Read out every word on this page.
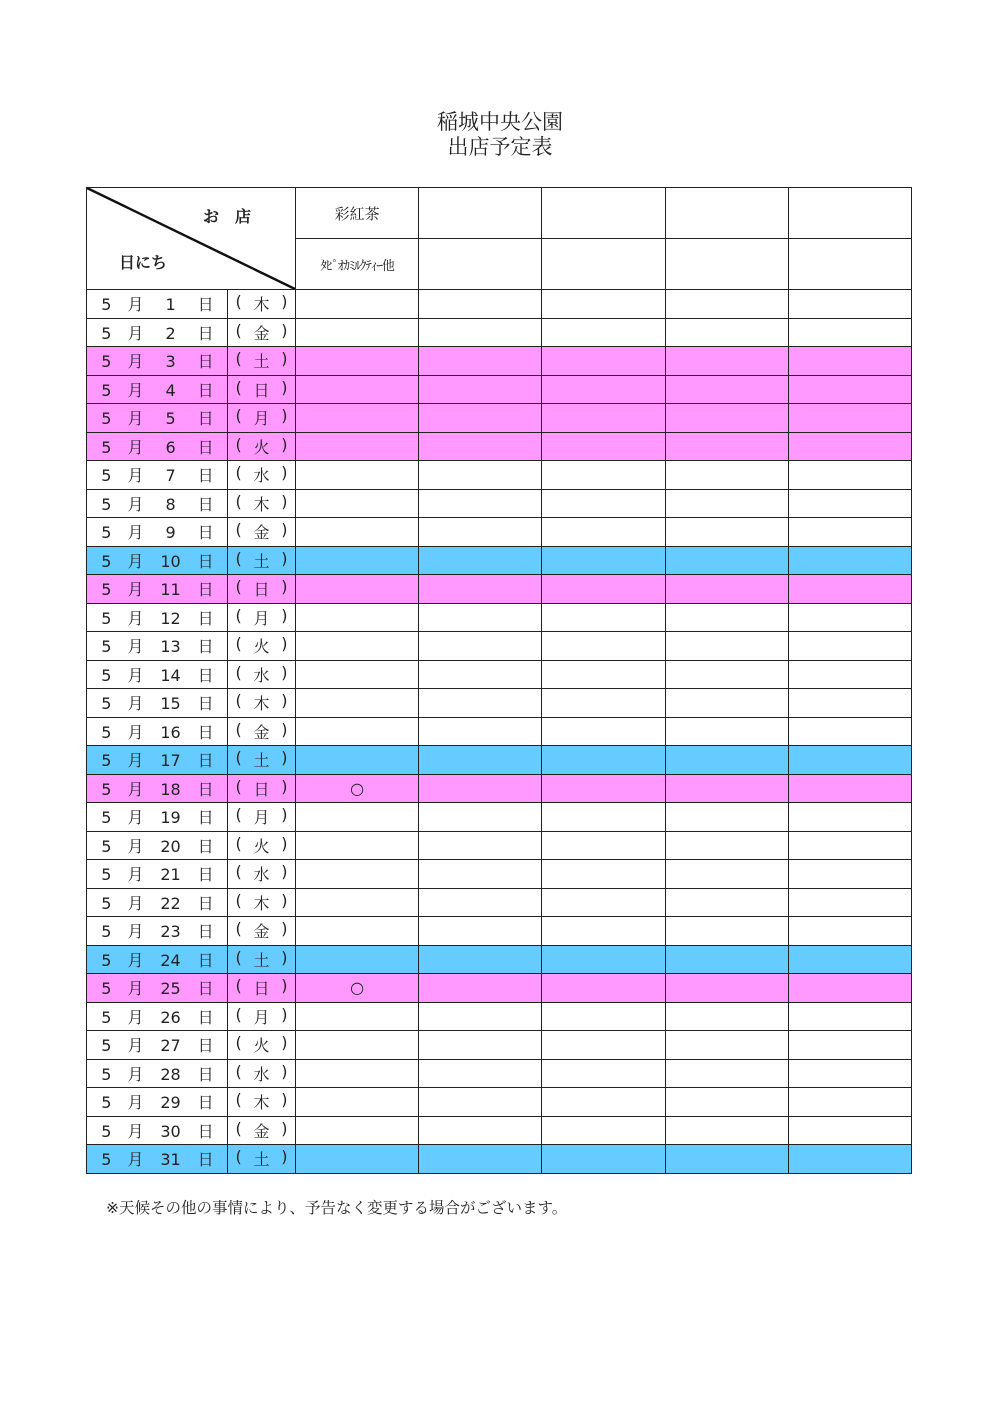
稲城中央公園
出店予定表
お　店
日にち		彩紅茶				
		ﾀﾋﾟｵｶﾐﾙｸﾃｨｰ他				
5 月 1 日	( 木 )					

5 月 2 日	( 金 )					

5 月 3 日	( 土 )					

5 月 4 日	( 日 )					

5 月 5 日	( 月 )					

5 月 6 日	( 火 )					

5 月 7 日	( 水 )					

5 月 8 日	( 木 )					

5 月 9 日	( 金 )					

5 月 10 日	( 土 )					

5 月 11 日	( 日 )					

5 月 12 日	( 月 )					

5 月 13 日	( 火 )					

5 月 14 日	( 水 )					

5 月 15 日	( 木 )					

5 月 16 日	( 金 )					

5 月 17 日	( 土 )					

5 月 18 日	( 日 )	○				
5 月 19 日	( 月 )					

5 月 20 日	( 火 )					

5 月 21 日	( 水 )					

5 月 22 日	( 木 )					

5 月 23 日	( 金 )					

5 月 24 日	( 土 )					

5 月 25 日	( 日 )	○				
5 月 26 日	( 月 )					

5 月 27 日	( 火 )					

5 月 28 日	( 水 )					

5 月 29 日	( 木 )					

5 月 30 日	( 金 )					

5 月 31 日	( 土 )					

※天候その他の事情により、予告なく変更する場合がございます。
